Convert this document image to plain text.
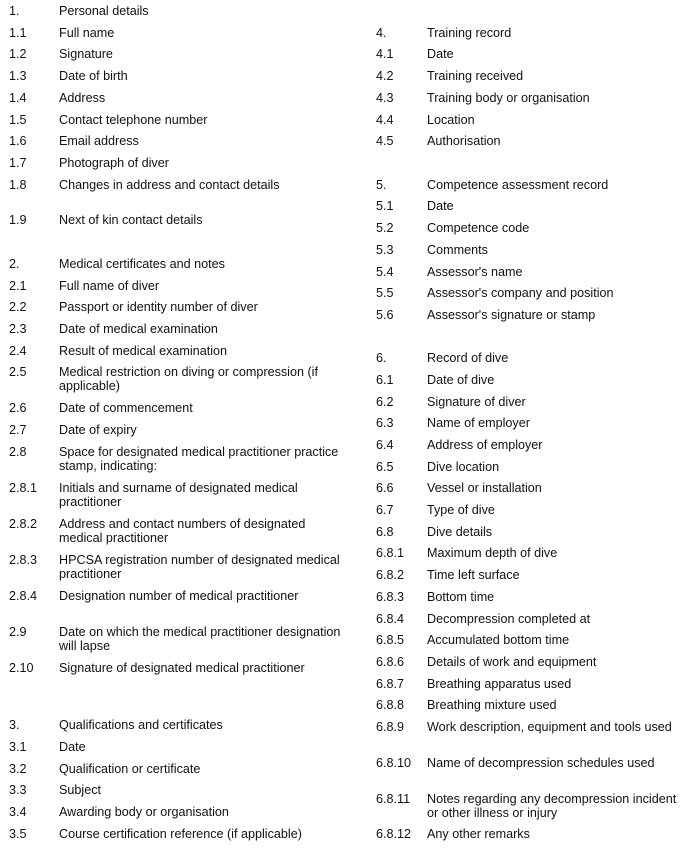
1.	Personal details
1.1	Full name
1.2	Signature
1.3	Date of birth
1.4	Address
1.5	Contact telephone number
1.6	Email address
1.7	Photograph of diver
1.8	Changes in address and contact details
1.9	Next of kin contact details
2.	Medical certificates and notes
2.1	Full name of diver
2.2	Passport or identity number of diver
2.3	Date of medical examination
2.4	Result of medical examination
2.5	Medical restriction on diving or compression (if applicable)
2.6	Date of commencement
2.7	Date of expiry
2.8	Space for designated medical practitioner practice stamp, indicating:
2.8.1	Initials and surname of designated medical practitioner
2.8.2	Address and contact numbers of designated medical practitioner
2.8.3	HPCSA registration number of designated medical practitioner
2.8.4	Designation number of medical practitioner
2.9	Date on which the medical practitioner designation will lapse
2.10	Signature of designated medical practitioner
3.	Qualifications and certificates
3.1	Date
3.2	Qualification or certificate
3.3	Subject
3.4	Awarding body or organisation
3.5	Course certification reference (if applicable)
4.	Training record
4.1	Date
4.2	Training received
4.3	Training body or organisation
4.4	Location
4.5	Authorisation
5.	Competence assessment record
5.1	Date
5.2	Competence code
5.3	Comments
5.4	Assessor's name
5.5	Assessor's company and position
5.6	Assessor's signature or stamp
6.	Record of dive
6.1	Date of dive
6.2	Signature of diver
6.3	Name of employer
6.4	Address of employer
6.5	Dive location
6.6	Vessel or installation
6.7	Type of dive
6.8	Dive details
6.8.1	Maximum depth of dive
6.8.2	Time left surface
6.8.3	Bottom time
6.8.4	Decompression completed at
6.8.5	Accumulated bottom time
6.8.6	Details of work and equipment
6.8.7	Breathing apparatus used
6.8.8	Breathing mixture used
6.8.9	Work description, equipment and tools used
6.8.10	Name of decompression schedules used
6.8.11	Notes regarding any decompression incident or other illness or injury
6.8.12	Any other remarks
